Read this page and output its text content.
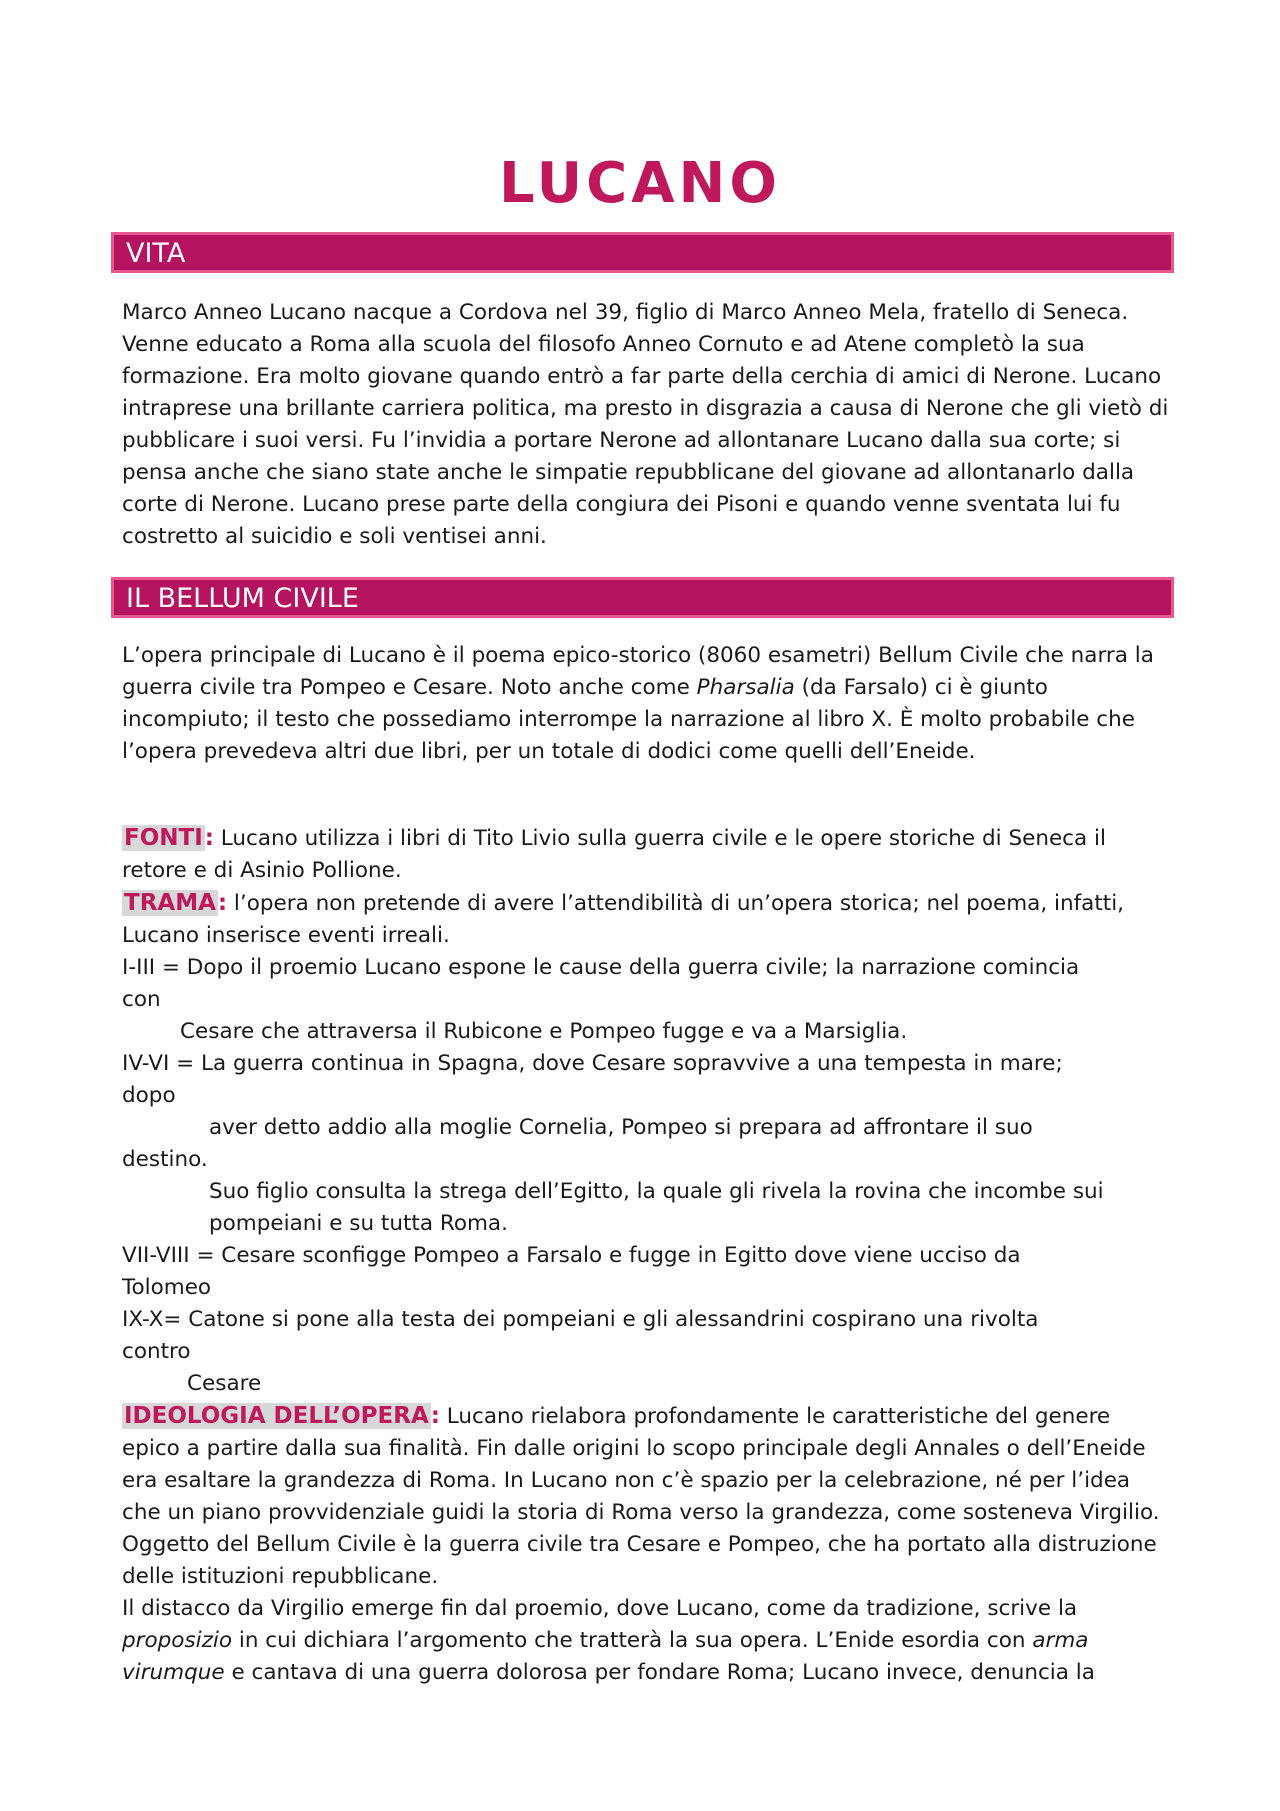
LUCANO
VITA

Marco Anneo Lucano nacque a Cordova nel 39, figlio di Marco Anneo Mela, fratello di Seneca. Venne educato a Roma alla scuola del filosofo Anneo Cornuto e ad Atene completò la sua formazione. Era molto giovane quando entrò a far parte della cerchia di amici di Nerone. Lucano intraprese una brillante carriera politica, ma presto in disgrazia a causa di Nerone che gli vietò di pubblicare i suoi versi. Fu l’invidia a portare Nerone ad allontanare Lucano dalla sua corte; si pensa anche che siano state anche le simpatie repubblicane del giovane ad allontanarlo dalla corte di Nerone. Lucano prese parte della congiura dei Pisoni e quando venne sventata lui fu costretto al suicidio e soli ventisei anni.

IL BELLUM CIVILE

L’opera principale di Lucano è il poema epico-storico (8060 esametri) Bellum Civile che narra la guerra civile tra Pompeo e Cesare. Noto anche come Pharsalia (da Farsalo) ci è giunto incompiuto; il testo che possediamo interrompe la narrazione al libro X. È molto probabile che l’opera prevedeva altri due libri, per un totale di dodici come quelli dell’Eneide.

FONTI: Lucano utilizza i libri di Tito Livio sulla guerra civile e le opere storiche di Seneca il retore e di Asinio Pollione.

TRAMA: l’opera non pretende di avere l’attendibilità di un’opera storica; nel poema, infatti, Lucano inserisce eventi irreali.

I-III = Dopo il proemio Lucano espone le cause della guerra civile; la narrazione comincia

con

Cesare che attraversa il Rubicone e Pompeo fugge e va a Marsiglia.

IV-VI = La guerra continua in Spagna, dove Cesare sopravvive a una tempesta in mare;

dopo

aver detto addio alla moglie Cornelia, Pompeo si prepara ad affrontare il suo

destino.

Suo figlio consulta la strega dell’Egitto, la quale gli rivela la rovina che incombe sui

pompeiani e su tutta Roma.

VII-VIII = Cesare sconfigge Pompeo a Farsalo e fugge in Egitto dove viene ucciso da

Tolomeo

IX-X= Catone si pone alla testa dei pompeiani e gli alessandrini cospirano una rivolta

contro

Cesare

IDEOLOGIA DELL’OPERA: Lucano rielabora profondamente le caratteristiche del genere epico a partire dalla sua finalità. Fin dalle origini lo scopo principale degli Annales o dell’Eneide era esaltare la grandezza di Roma. In Lucano non c’è spazio per la celebrazione, né per l’idea che un piano provvidenziale guidi la storia di Roma verso la grandezza, come sosteneva Virgilio. Oggetto del Bellum Civile è la guerra civile tra Cesare e Pompeo, che ha portato alla distruzione delle istituzioni repubblicane.

Il distacco da Virgilio emerge fin dal proemio, dove Lucano, come da tradizione, scrive la proposizio in cui dichiara l’argomento che tratterà la sua opera. L’Enide esordia con arma virumque e cantava di una guerra dolorosa per fondare Roma; Lucano invece, denuncia la
